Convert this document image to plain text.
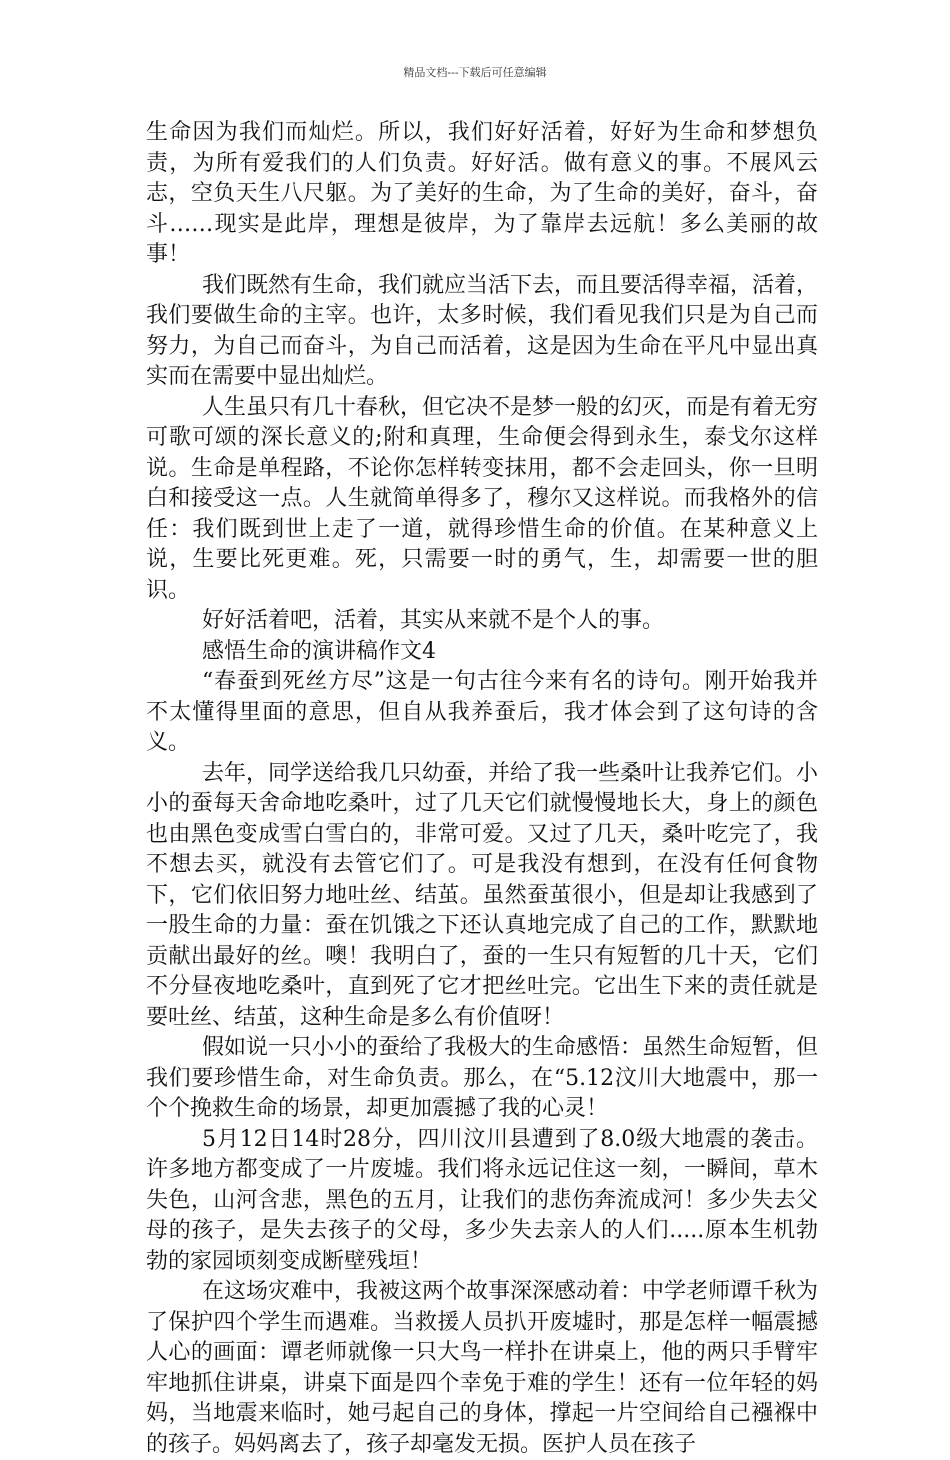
精品文档---下载后可任意编辑

生命因为我们而灿烂。所以，我们好好活着，好好为生命和梦想负责，为所有爱我们的人们负责。好好活。做有意义的事。不展风云志，空负天生八尺躯。为了美好的生命，为了生命的美好，奋斗，奋斗……现实是此岸，理想是彼岸，为了靠岸去远航！多么美丽的故事！

我们既然有生命，我们就应当活下去，而且要活得幸福，活着，我们要做生命的主宰。也许，太多时候，我们看见我们只是为自己而努力，为自己而奋斗，为自己而活着，这是因为生命在平凡中显出真实而在需要中显出灿烂。

人生虽只有几十春秋，但它决不是梦一般的幻灭，而是有着无穷可歌可颂的深长意义的;附和真理，生命便会得到永生，泰戈尔这样说。生命是单程路，不论你怎样转变抹用，都不会走回头，你一旦明白和接受这一点。人生就简单得多了，穆尔又这样说。而我格外的信任：我们既到世上走了一道，就得珍惜生命的价值。在某种意义上说，生要比死更难。死，只需要一时的勇气，生，却需要一世的胆识。

好好活着吧，活着，其实从来就不是个人的事。

感悟生命的演讲稿作文4

“春蚕到死丝方尽”这是一句古往今来有名的诗句。刚开始我并不太懂得里面的意思，但自从我养蚕后，我才体会到了这句诗的含义。

去年，同学送给我几只幼蚕，并给了我一些桑叶让我养它们。小小的蚕每天舍命地吃桑叶，过了几天它们就慢慢地长大，身上的颜色也由黑色变成雪白雪白的，非常可爱。又过了几天，桑叶吃完了，我不想去买，就没有去管它们了。可是我没有想到，在没有任何食物下，它们依旧努力地吐丝、结茧。虽然蚕茧很小，但是却让我感到了一股生命的力量：蚕在饥饿之下还认真地完成了自己的工作，默默地贡献出最好的丝。噢！我明白了，蚕的一生只有短暂的几十天，它们不分昼夜地吃桑叶，直到死了它才把丝吐完。它出生下来的责任就是要吐丝、结茧，这种生命是多么有价值呀！

假如说一只小小的蚕给了我极大的生命感悟：虽然生命短暂，但我们要珍惜生命，对生命负责。那么，在“5.12汶川大地震中，那一个个挽救生命的场景，却更加震撼了我的心灵！

5月12日14时28分，四川汶川县遭到了8.0级大地震的袭击。许多地方都变成了一片废墟。我们将永远记住这一刻，一瞬间，草木失色，山河含悲，黑色的五月，让我们的悲伤奔流成河！多少失去父母的孩子，是失去孩子的父母，多少失去亲人的人们.....原本生机勃勃的家园顷刻变成断壁残垣！

在这场灾难中，我被这两个故事深深感动着：中学老师谭千秋为了保护四个学生而遇难。当救援人员扒开废墟时，那是怎样一幅震撼人心的画面：谭老师就像一只大鸟一样扑在讲桌上，他的两只手臂牢牢地抓住讲桌，讲桌下面是四个幸免于难的学生！还有一位年轻的妈妈，当地震来临时，她弓起自己的身体，撑起一片空间给自己襁褓中的孩子。妈妈离去了，孩子却毫发无损。医护人员在孩子
